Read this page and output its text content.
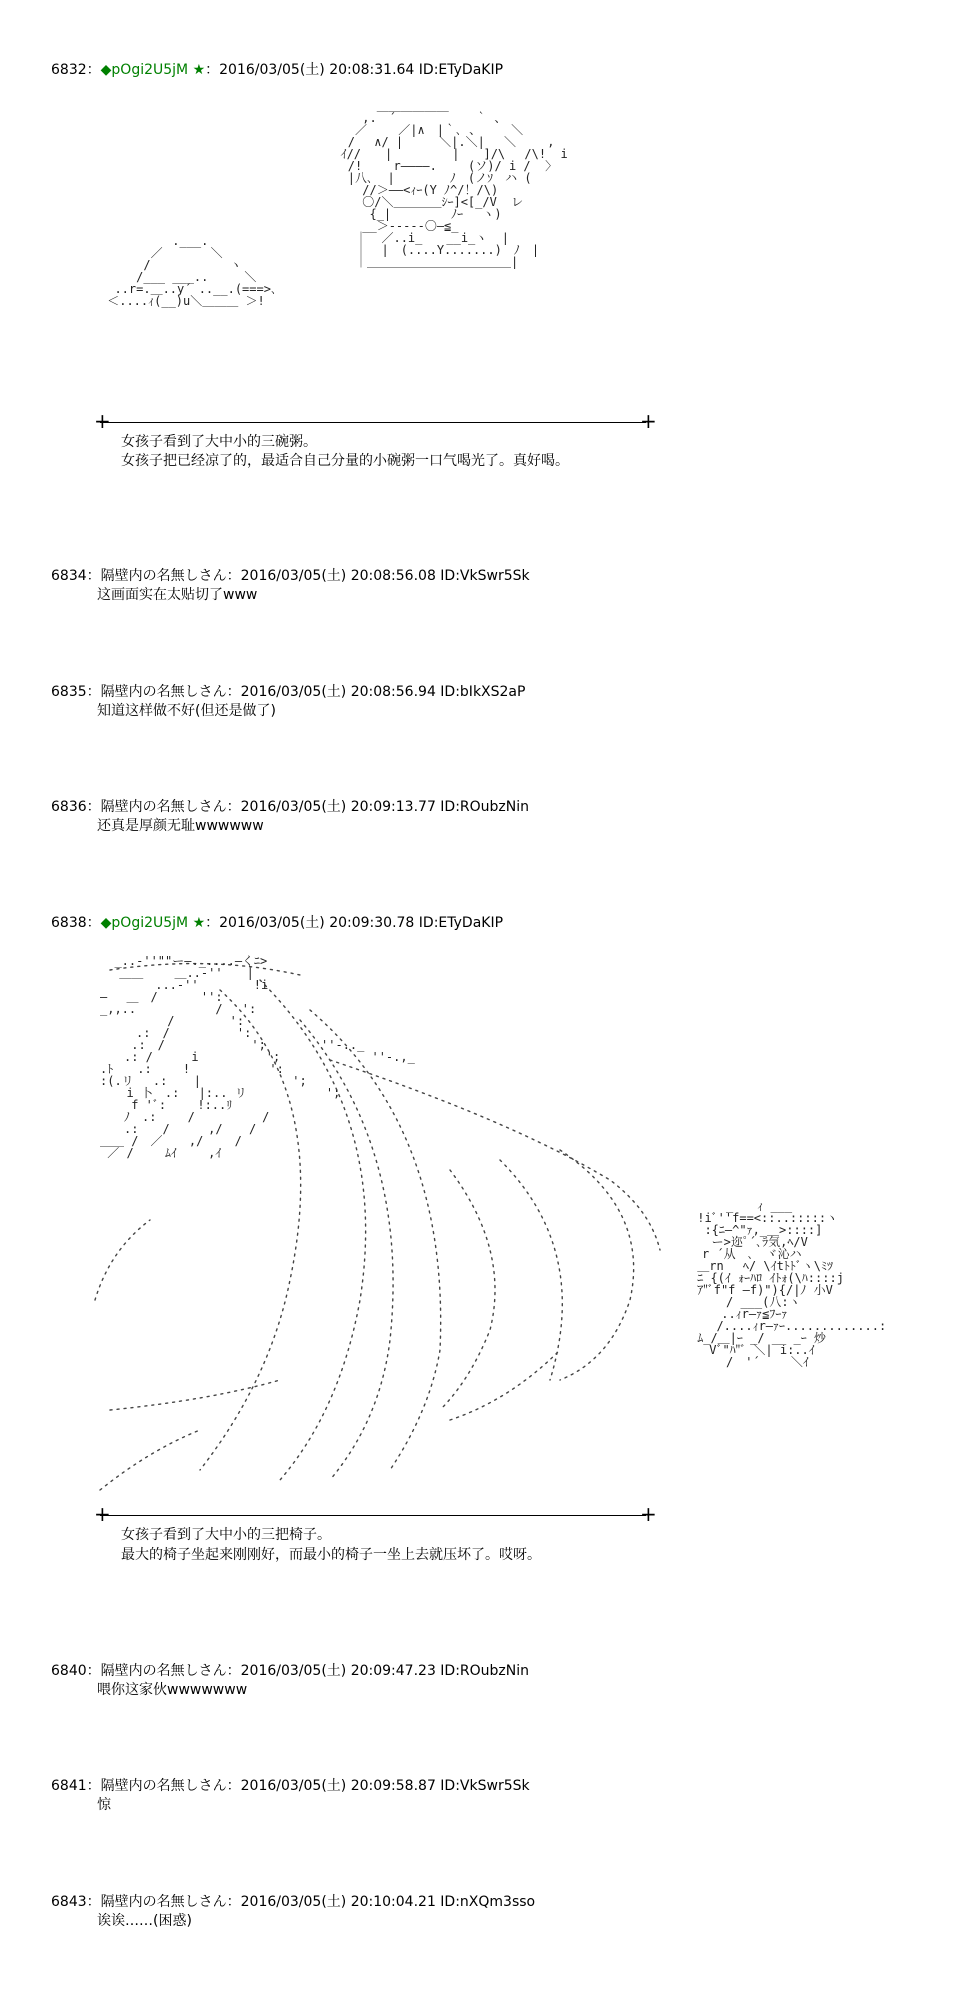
6832：◆pOgi2U5jM ★：2016/03/05(土) 20:08:31.64 ID:ETyDaKIP
＿＿＿＿＿＿
,.　´　　　　　　 ｀ 、
／　　 ／|∧　|｀､ 、　　　＼
/　 ∧/ |　　　＼|.＼|　 ＼　　 ,
ｲ//　　|　　　　　|　　]/\　 /\!  i
/!　　 r――――.　　 (ソ)/ i /  〉
|八､  |　　　　 ﾉ　(ノｿ　ハ (
//＞――<ｨｰ(Y ﾉ^/！/\)
〇/＼＿＿＿＿ｼｰ]<[_/V  レ
{_|　　　　　ﾉｰ　 ヽ)
__＞-----〇―≦_
｜  ／..i_　　__i_ヽ  |
｜  |　(....Y.......)　ﾉ　|
｜＿＿＿＿＿＿＿＿＿＿＿＿|
.___.
／　　　　＼
/　　　　　　 ヽ
/___ ___..　　　＼
..r=.＿..y´ ..__.(===>､
＜....ｨ(__)u＼＿＿＿ ＞!
+	+
女孩子看到了大中小的三碗粥。
女孩子把已经凉了的，最适合自己分量的小碗粥一口气喝光了。真好喝。
6834：隔壁内の名無しさん：2016/03/05(土) 20:08:56.08 ID:VkSwr5Sk
这画面实在太贴切了www
6835：隔壁内の名無しさん：2016/03/05(土) 20:08:56.94 ID:bIkXS2aP
知道这样做不好(但还是做了)
6836：隔壁内の名無しさん：2016/03/05(土) 20:09:13.77 ID:ROubzNin
还真是厚颜无耻wwwwww
6838：◆pOgi2U5jM ★：2016/03/05(土) 20:09:30.78 ID:ETyDaKIP
_..-''""ー―._....―くﾆ>
　＿＿　　 ＿..-''　　|
　　　　 ...-'' 　　　　!i
―　 ＿　/　　 　'':
_,,..　　 　　　　/　 ':
　　　　　 /　　　　 ':
　　　.:　/ 　　　　　':
　　 .:　/　　 　　　　 ';　　　　 ''-.._
　　.: /　 　 i　　　　　 ';　　 　　　　　''-.,_
.ﾄ　　.:　 　!　　　　　　 ':
:(.リ　 .: 　 |　　　　　　　 ';
　 i 卜　.:　 |:.. リ　　　　　　 ';
　　 f 'ﾞ:　 　!:..ﾘ
　　ﾉ　.:　 　/　　　　　 /
　　.:　　/　 　 ,/ 　 /
＿＿ /　／ 　 ,/ 　　/
／ /　 　ﾑｲ　　 ,ｲ
　　　_　　ｨ ___
!iﾞ''f==<::..:::::ヽ
:{ﾆ―^"ｧ,_＿>::::]
ー>迩ﾟ´､ﾗ気,ﾍ/V
　r ´从　､　ヾ沁ハ
＿rn　 ﾍ/ \ｲtﾄﾄﾞヽ\ﾐﾂ
ﾆ {(ｲ ｫｰﾊﾛ ｲﾄｫ(\ﾊ::::j
ｱ"ﾞf"f ―f)"){/|ﾉ 小V
　　　/ ___(八:ヽ
　　 ..ｨr―ｧ≦ﾌｰｧ
　 /....ｨr―ｧｰ.............:
ﾑ_/＿|ｰ _/ __ _ｰ 炒
　 Vﾞ"ﾊ"ﾞ ＼| i:..ｲ
　　　/　'´　　 ＼ｲ
+	+
女孩子看到了大中小的三把椅子。
最大的椅子坐起来刚刚好，而最小的椅子一坐上去就压坏了。哎呀。
6840：隔壁内の名無しさん：2016/03/05(土) 20:09:47.23 ID:ROubzNin
喂你这家伙wwwwwww
6841：隔壁内の名無しさん：2016/03/05(土) 20:09:58.87 ID:VkSwr5Sk
惊
6843：隔壁内の名無しさん：2016/03/05(土) 20:10:04.21 ID:nXQm3sso
诶诶……(困惑)
